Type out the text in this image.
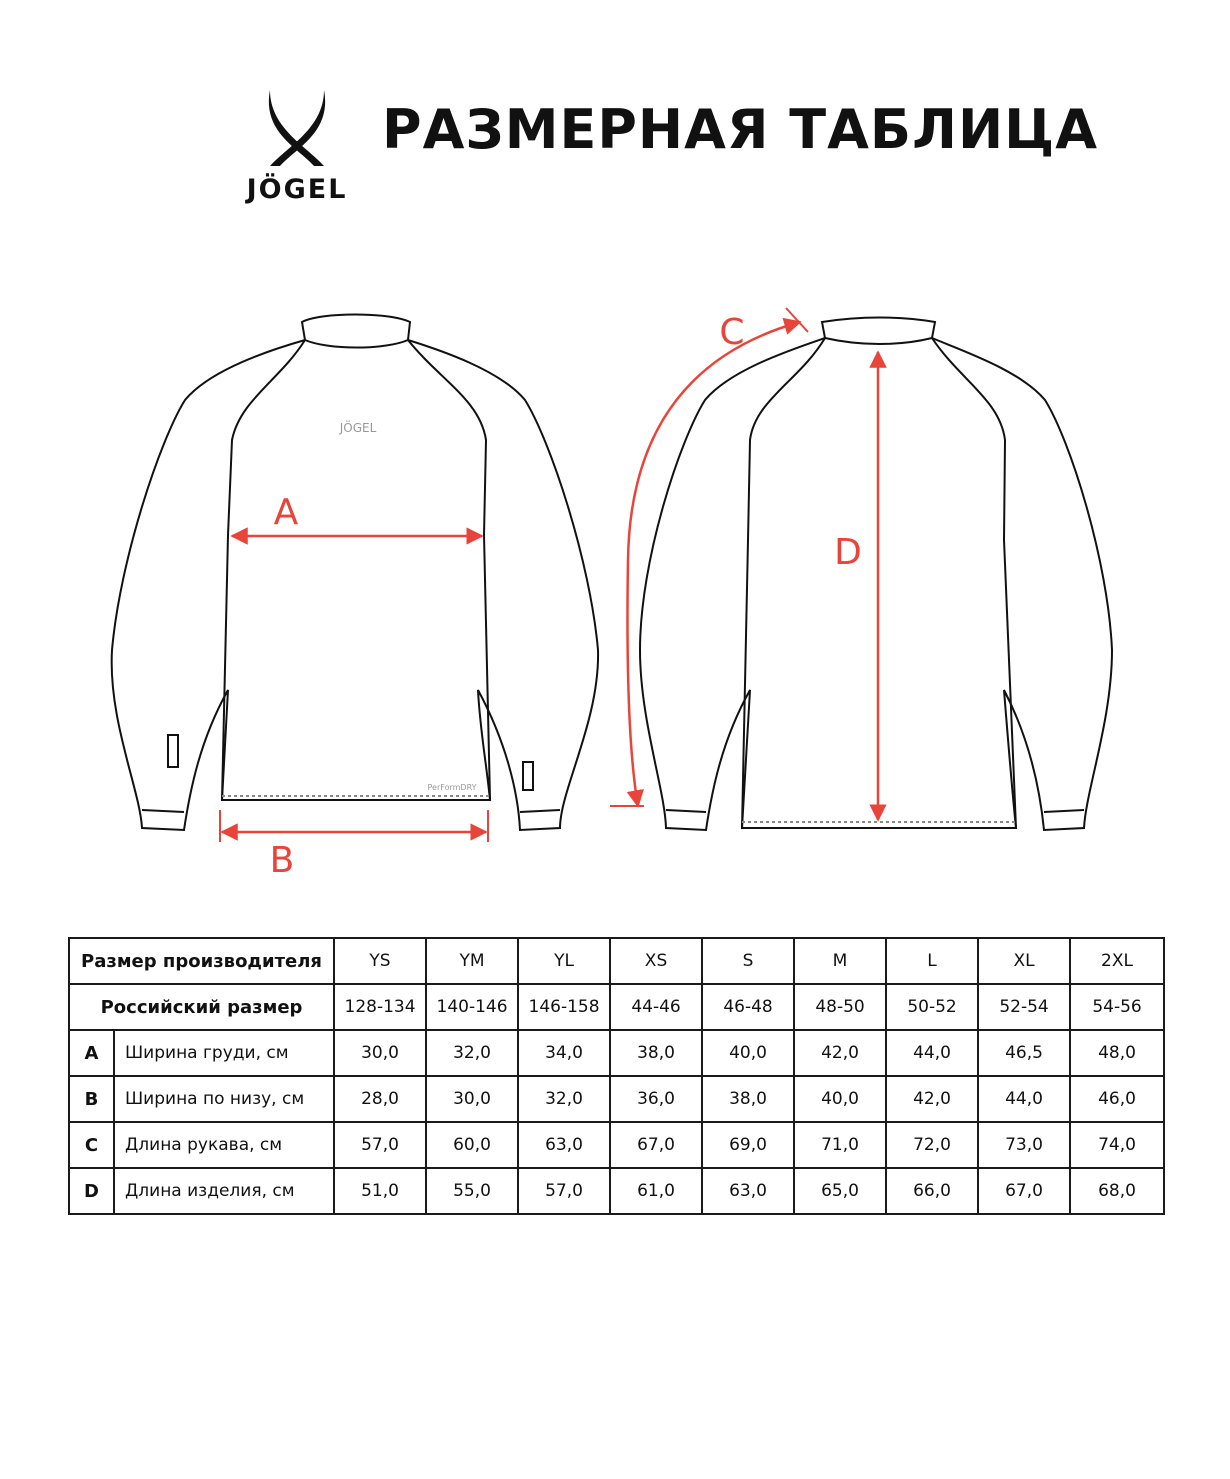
JÖGEL
РАЗМЕРНАЯ ТАБЛИЦА
JÖGEL
PerFormDRY
A
B
C
D
Размер производителя		YS	YM	YL	XS	S	M	L	XL	2XL
Российский размер		128-134	140-146	146-158	44-46	46-48	48-50	50-52	52-54	54-56
A	Ширина груди, см	30,0	32,0	34,0	38,0	40,0	42,0	44,0	46,5	48,0
B	Ширина по низу, см	28,0	30,0	32,0	36,0	38,0	40,0	42,0	44,0	46,0
C	Длина рукава, см	57,0	60,0	63,0	67,0	69,0	71,0	72,0	73,0	74,0
D	Длина изделия, см	51,0	55,0	57,0	61,0	63,0	65,0	66,0	67,0	68,0
